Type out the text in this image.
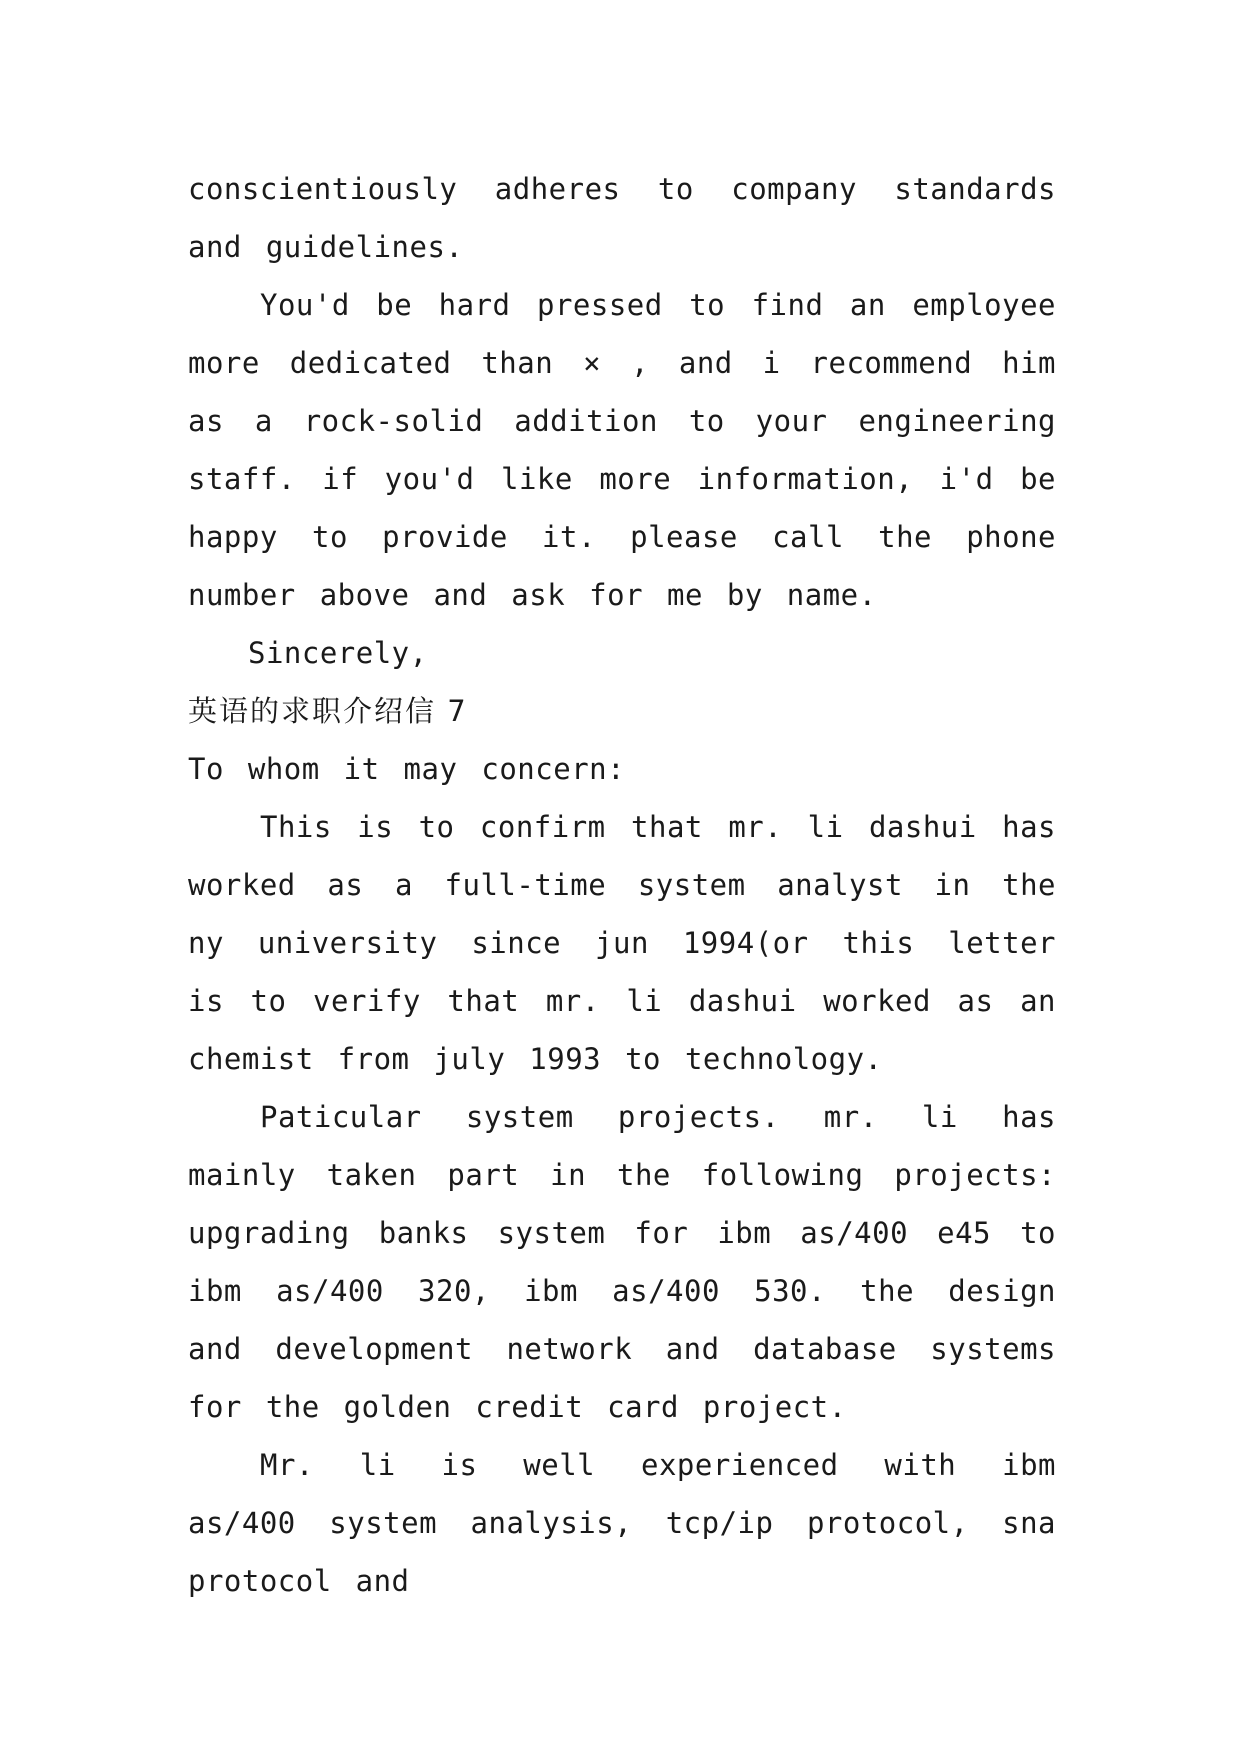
conscientiously adheres to company standards and guidelines.

You'd be hard pressed to find an employee more dedicated than × , and i recommend him as a rock-solid addition to your engineering staff. if you'd like more information, i'd be happy to provide it. please call the phone number above and ask for me by name.

Sincerely,

英语的求职介绍信 7

To whom it may concern:

This is to confirm that mr. li dashui has worked as a full-time system analyst in the ny university since jun 1994(or this letter is to verify that mr. li dashui worked as an chemist from july 1993 to technology.

Paticular system projects. mr. li has mainly taken part in the following projects: upgrading banks system for ibm as/400 e45 to ibm as/400 320, ibm as/400 530. the design and development network and database systems for the golden credit card project.

Mr. li is well experienced with ibm as/400 system analysis, tcp/ip protocol, sna protocol and
